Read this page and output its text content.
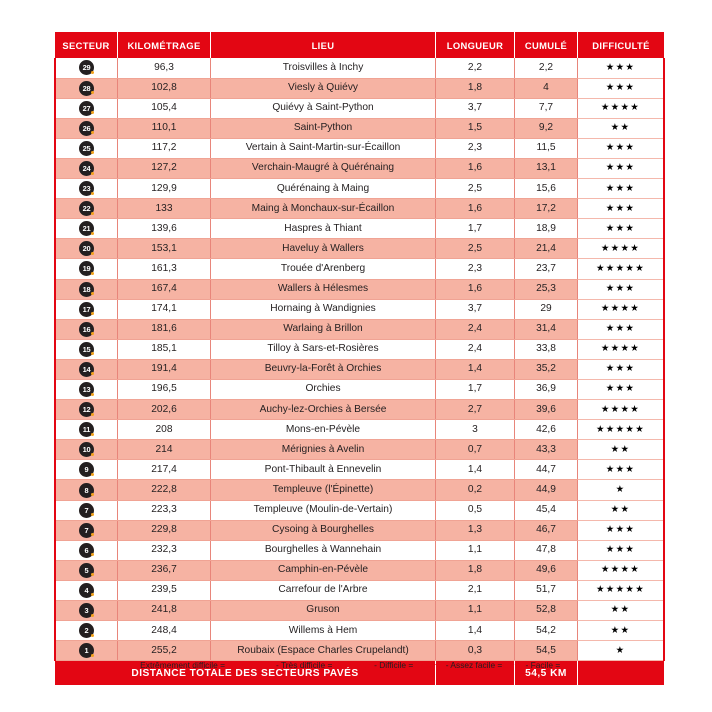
SECTEUR	KILOMÉTRAGE	LIEU	LONGUEUR	CUMULÉ	DIFFICULTÉ
29	96,3	Troisvilles à Inchy	2,2	2,2	★★★
28	102,8	Viesly à Quiévy	1,8	4	★★★
27	105,4	Quiévy à Saint-Python	3,7	7,7	★★★★
26	110,1	Saint-Python	1,5	9,2	★★
25	117,2	Vertain à Saint-Martin-sur-Écaillon	2,3	11,5	★★★
24	127,2	Verchain-Maugré à Quérénaing	1,6	13,1	★★★
23	129,9	Quérénaing à Maing	2,5	15,6	★★★
22	133	Maing à Monchaux-sur-Écaillon	1,6	17,2	★★★
21	139,6	Haspres à Thiant	1,7	18,9	★★★
20	153,1	Haveluy à Wallers	2,5	21,4	★★★★
19	161,3	Trouée d'Arenberg	2,3	23,7	★★★★★
18	167,4	Wallers à Hélesmes	1,6	25,3	★★★
17	174,1	Hornaing à Wandignies	3,7	29	★★★★
16	181,6	Warlaing à Brillon	2,4	31,4	★★★
15	185,1	Tilloy à Sars-et-Rosières	2,4	33,8	★★★★
14	191,4	Beuvry-la-Forêt à Orchies	1,4	35,2	★★★
13	196,5	Orchies	1,7	36,9	★★★
12	202,6	Auchy-lez-Orchies à Bersée	2,7	39,6	★★★★
11	208	Mons-en-Pévèle	3	42,6	★★★★★
10	214	Mérignies à Avelin	0,7	43,3	★★
9	217,4	Pont-Thibault à Ennevelin	1,4	44,7	★★★
8	222,8	Templeuve (l'Épinette)	0,2	44,9	★
7	223,3	Templeuve (Moulin-de-Vertain)	0,5	45,4	★★
7	229,8	Cysoing à Bourghelles	1,3	46,7	★★★
6	232,3	Bourghelles à Wannehain	1,1	47,8	★★★
5	236,7	Camphin-en-Pévèle	1,8	49,6	★★★★
4	239,5	Carrefour de l'Arbre	2,1	51,7	★★★★★
3	241,8	Gruson	1,1	52,8	★★
2	248,4	Willems à Hem	1,4	54,2	★★
1	255,2	Roubaix (Espace Charles Crupelandt)	0,3	54,5	★
DISTANCE TOTALE DES SECTEURS PAVÉS				54,5 KM	
Extrêmement difficile = ★★★★★ - Très difficile = ★★★★ - Difficile = ★★★ - Assez facile = ★★ - Facile = ★
